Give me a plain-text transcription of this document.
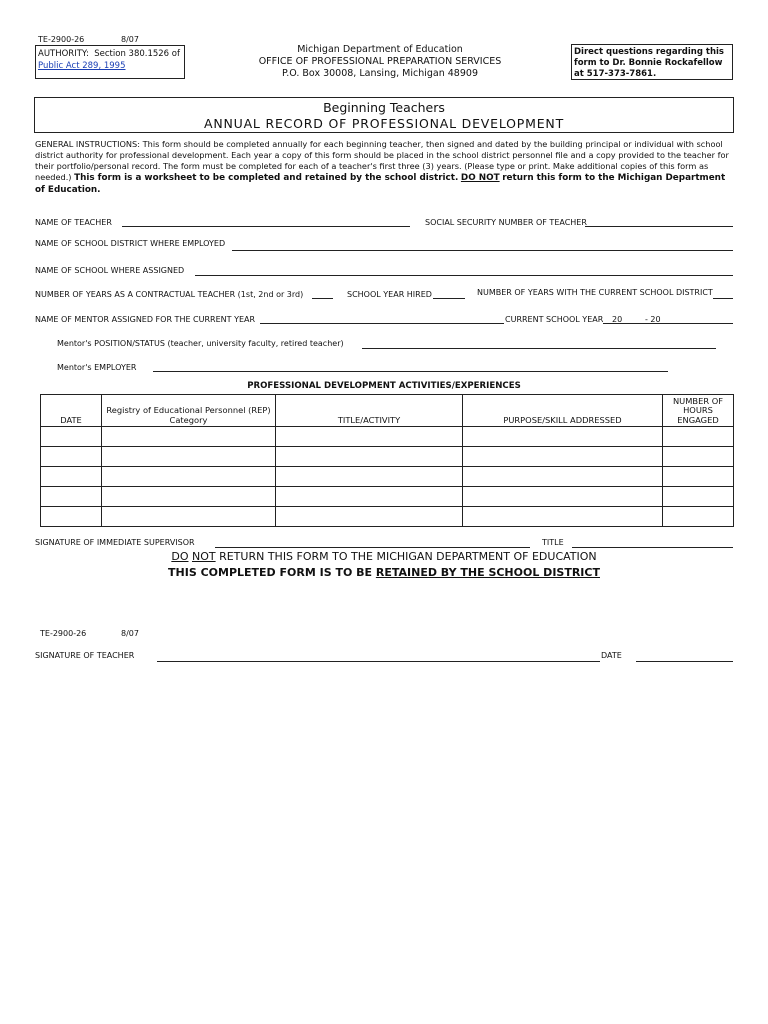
TE-2900-26	8/07
AUTHORITY: Section 380.1526 of
Public Act 289, 1995
Michigan Department of Education
OFFICE OF PROFESSIONAL PREPARATION SERVICES
P.O. Box 30008, Lansing, Michigan 48909
Direct questions regarding this
form to Dr. Bonnie Rockafellow
at 517-373-7861.
Beginning Teachers
ANNUAL RECORD OF PROFESSIONAL DEVELOPMENT
GENERAL INSTRUCTIONS: This form should be completed annually for each beginning teacher, then signed and dated by the building principal or individual with school district authority for professional development. Each year a copy of this form should be placed in the school district personnel file and a copy provided to the teacher for their portfolio/personal record. The form must be completed for each of a teacher's first three (3) years. (Please type or print. Make additional copies of this form as needed.) This form is a worksheet to be completed and retained by the school district. DO NOT return this form to the Michigan Department of Education.
NAME OF TEACHER	SOCIAL SECURITY NUMBER OF TEACHER
NAME OF SCHOOL DISTRICT WHERE EMPLOYED
NAME OF SCHOOL WHERE ASSIGNED
NUMBER OF YEARS AS A CONTRACTUAL TEACHER (1st, 2nd or 3rd)	SCHOOL YEAR HIRED	NUMBER OF YEARS WITH THE CURRENT SCHOOL DISTRICT
NAME OF MENTOR ASSIGNED FOR THE CURRENT YEAR	CURRENT SCHOOL YEAR 20	- 20
Mentor's POSITION/STATUS (teacher, university faculty, retired teacher)
Mentor's EMPLOYER
PROFESSIONAL DEVELOPMENT ACTIVITIES/EXPERIENCES
DATE	Registry of Educational Personnel (REP) Category	TITLE/ACTIVITY	PURPOSE/SKILL ADDRESSED	NUMBER OF HOURS ENGAGED

SIGNATURE OF IMMEDIATE SUPERVISOR	TITLE
DO NOT RETURN THIS FORM TO THE MICHIGAN DEPARTMENT OF EDUCATION
THIS COMPLETED FORM IS TO BE RETAINED BY THE SCHOOL DISTRICT
TE-2900-26	8/07
SIGNATURE OF TEACHER	DATE
